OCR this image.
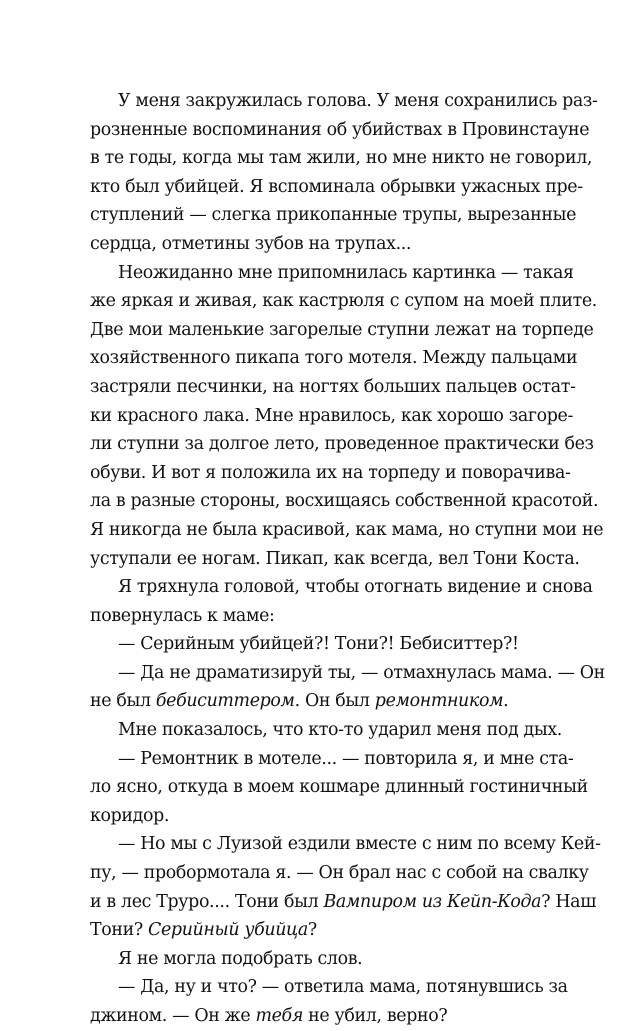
У меня закружилась голова. У меня сохранились раз-
розненные воспоминания об убийствах в Провинстауне
в те годы, когда мы там жили, но мне никто не говорил,
кто был убийцей. Я вспоминала обрывки ужасных пре-
ступлений — слегка прикопанные трупы, вырезанные
сердца, отметины зубов на трупах...
Неожиданно мне припомнилась картинка — такая
же яркая и живая, как кастрюля с супом на моей плите.
Две мои маленькие загорелые ступни лежат на торпеде
хозяйственного пикапа того мотеля. Между пальцами
застряли песчинки, на ногтях больших пальцев остат-
ки красного лака. Мне нравилось, как хорошо загоре-
ли ступни за долгое лето, проведенное практически без
обуви. И вот я положила их на торпеду и поворачива-
ла в разные стороны, восхищаясь собственной красотой.
Я никогда не была красивой, как мама, но ступни мои не
уступали ее ногам. Пикап, как всегда, вел Тони Коста.
Я тряхнула головой, чтобы отогнать видение и снова
повернулась к маме:
— Серийным убийцей?! Тони?! Бебиситтер?!
— Да не драматизируй ты, — отмахнулась мама. — Он
не был бебиситтером. Он был ремонтником.
Мне показалось, что кто-то ударил меня под дых.
— Ремонтник в мотеле... — повторила я, и мне ста-
ло ясно, откуда в моем кошмаре длинный гостиничный
коридор.
— Но мы с Луизой ездили вместе с ним по всему Кей-
пу, — пробормотала я. — Он брал нас с собой на свалку
и в лес Труро.... Тони был Вампиром из Кейп-Кода? Наш
Тони? Серийный убийца?
Я не могла подобрать слов.
— Да, ну и что? — ответила мама, потянувшись за
джином. — Он же тебя не убил, верно?
